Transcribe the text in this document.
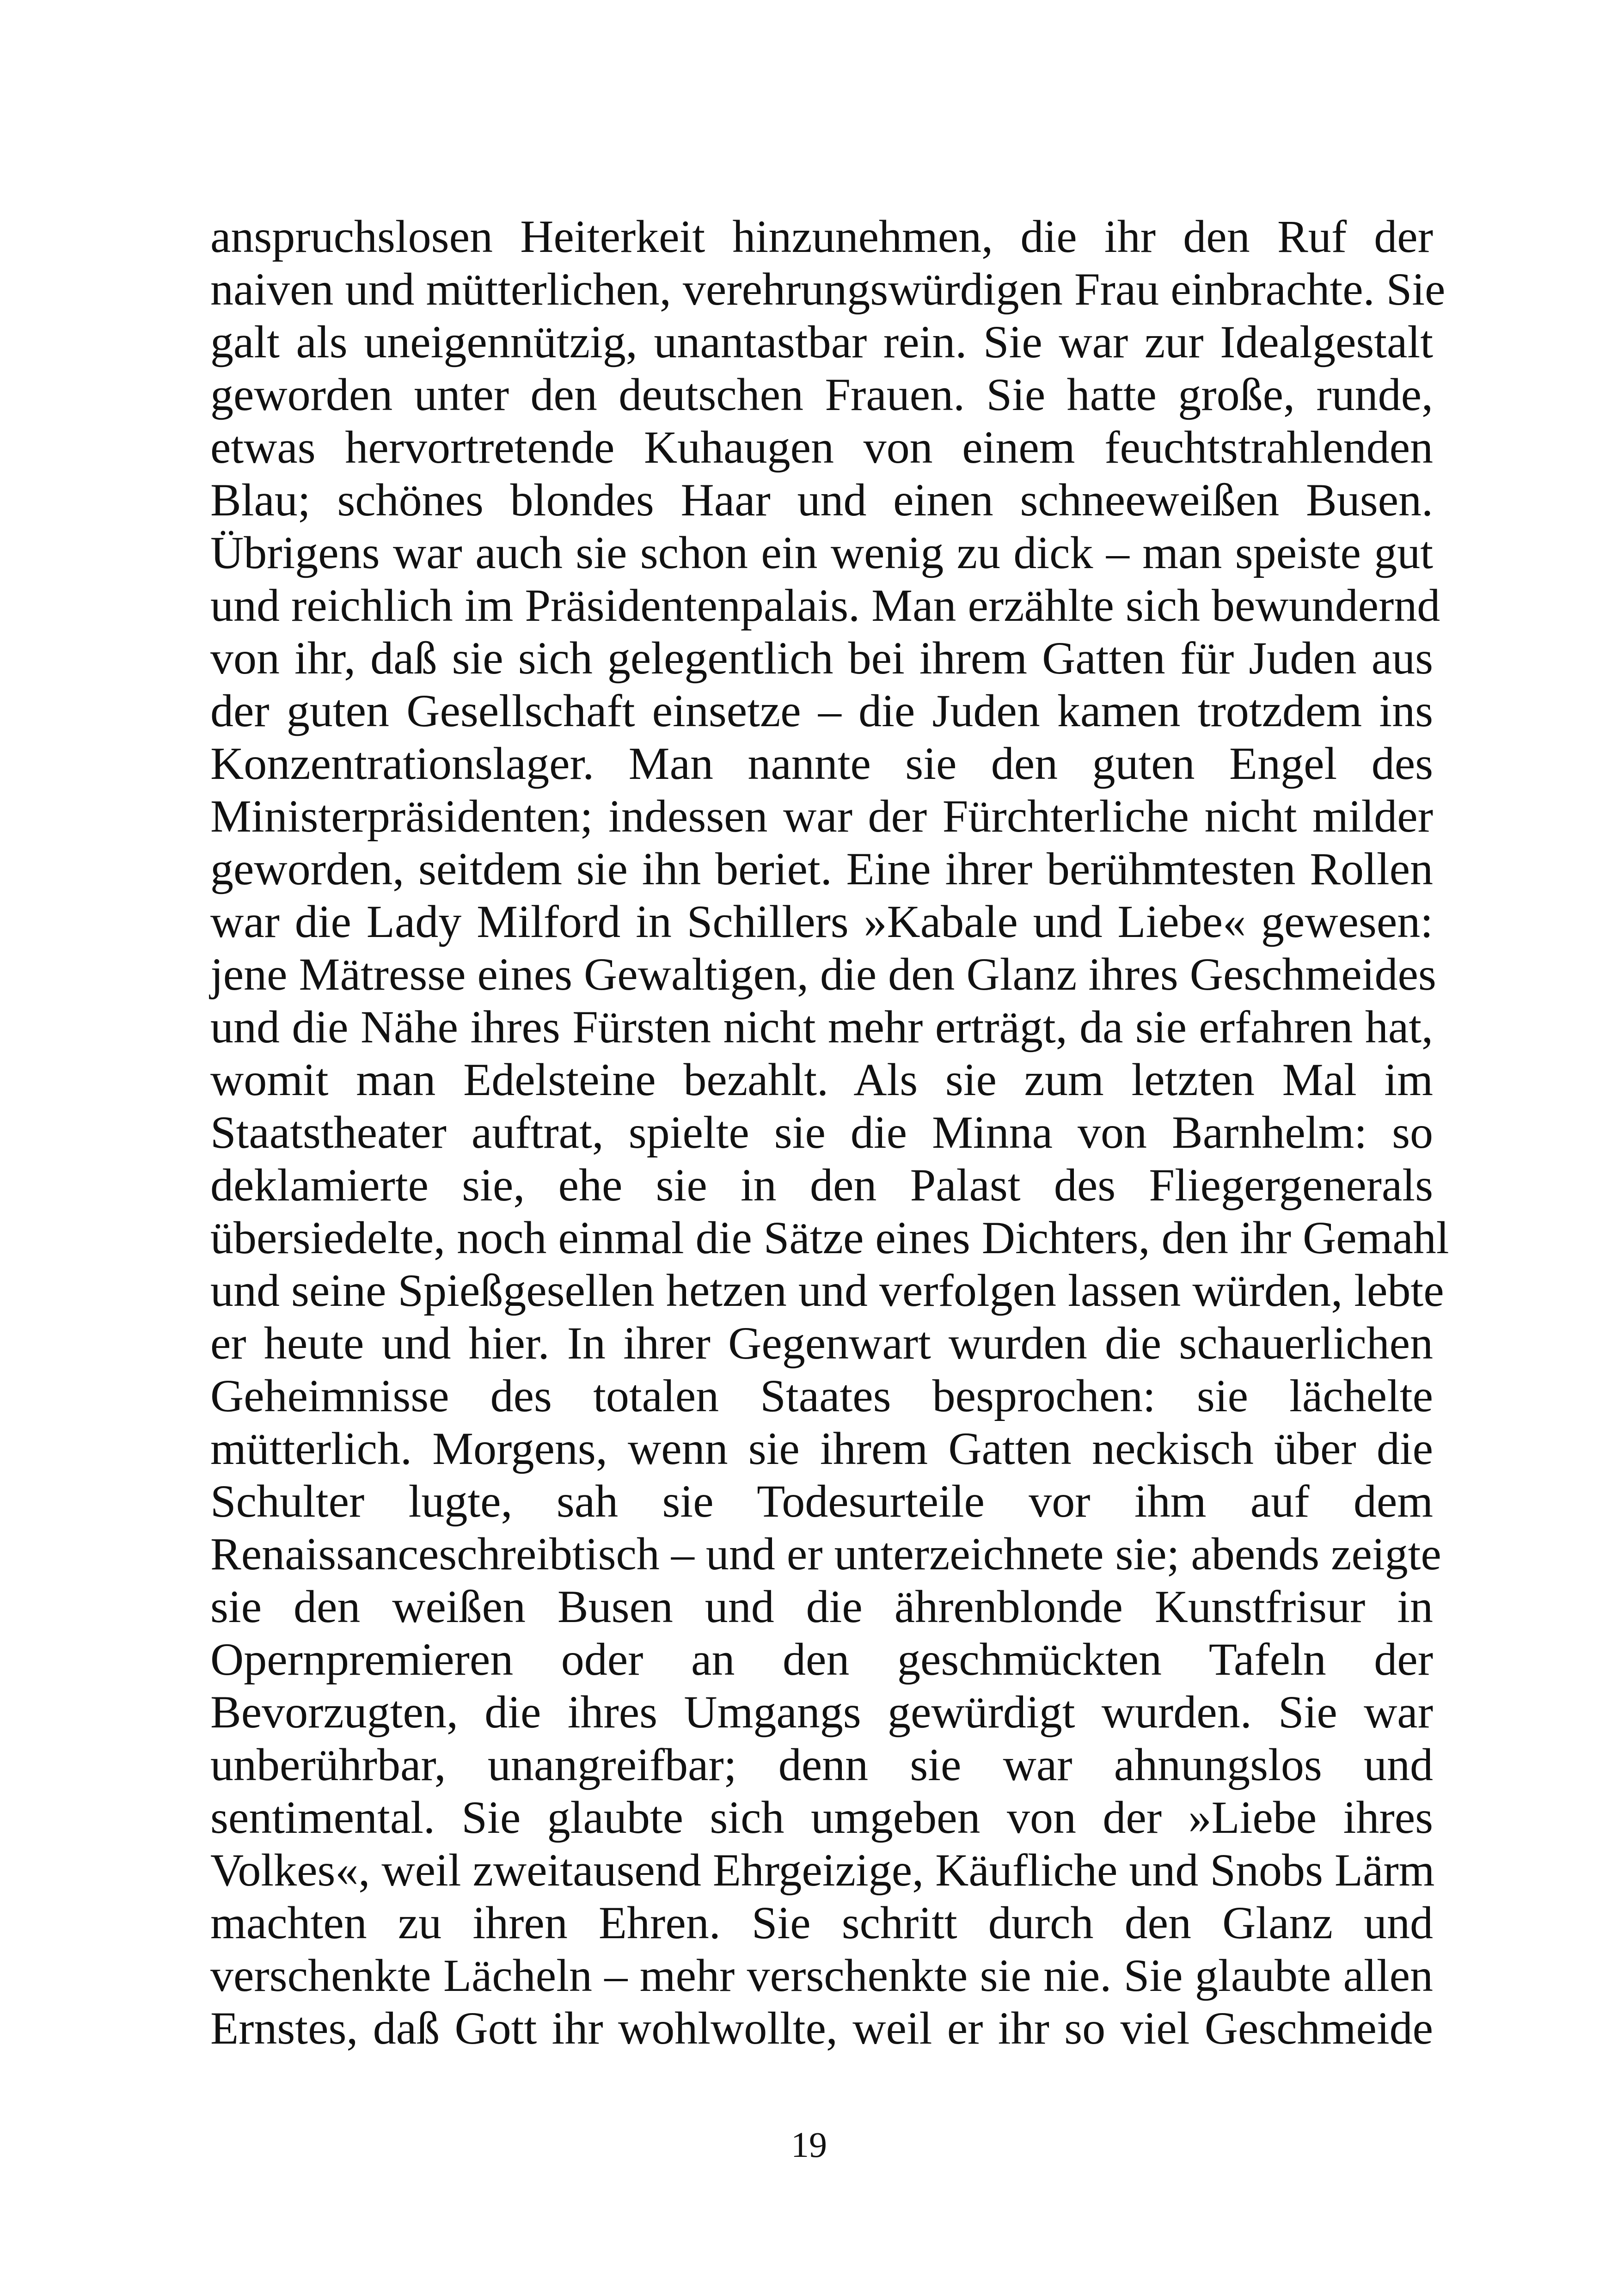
anspruchslosen Heiterkeit hinzunehmen, die ihr den Ruf der
naiven und mütterlichen, verehrungswürdigen Frau einbrachte. Sie
galt als uneigennützig, unantastbar rein. Sie war zur Idealgestalt
geworden unter den deutschen Frauen. Sie hatte große, runde,
etwas hervortretende Kuhaugen von einem feuchtstrahlenden
Blau; schönes blondes Haar und einen schneeweißen Busen.
Übrigens war auch sie schon ein wenig zu dick – man speiste gut
und reichlich im Präsidentenpalais. Man erzählte sich bewundernd
von ihr, daß sie sich gelegentlich bei ihrem Gatten für Juden aus
der guten Gesellschaft einsetze – die Juden kamen trotzdem ins
Konzentrationslager. Man nannte sie den guten Engel des
Ministerpräsidenten; indessen war der Fürchterliche nicht milder
geworden, seitdem sie ihn beriet. Eine ihrer berühmtesten Rollen
war die Lady Milford in Schillers »Kabale und Liebe« gewesen:
jene Mätresse eines Gewaltigen, die den Glanz ihres Geschmeides
und die Nähe ihres Fürsten nicht mehr erträgt, da sie erfahren hat,
womit man Edelsteine bezahlt. Als sie zum letzten Mal im
Staatstheater auftrat, spielte sie die Minna von Barnhelm: so
deklamierte sie, ehe sie in den Palast des Fliegergenerals
übersiedelte, noch einmal die Sätze eines Dichters, den ihr Gemahl
und seine Spießgesellen hetzen und verfolgen lassen würden, lebte
er heute und hier. In ihrer Gegenwart wurden die schauerlichen
Geheimnisse des totalen Staates besprochen: sie lächelte
mütterlich. Morgens, wenn sie ihrem Gatten neckisch über die
Schulter lugte, sah sie Todesurteile vor ihm auf dem
Renaissanceschreibtisch – und er unterzeichnete sie; abends zeigte
sie den weißen Busen und die ährenblonde Kunstfrisur in
Opernpremieren oder an den geschmückten Tafeln der
Bevorzugten, die ihres Umgangs gewürdigt wurden. Sie war
unberührbar, unangreifbar; denn sie war ahnungslos und
sentimental. Sie glaubte sich umgeben von der »Liebe ihres
Volkes«, weil zweitausend Ehrgeizige, Käufliche und Snobs Lärm
machten zu ihren Ehren. Sie schritt durch den Glanz und
verschenkte Lächeln – mehr verschenkte sie nie. Sie glaubte allen
Ernstes, daß Gott ihr wohlwollte, weil er ihr so viel Geschmeide
19
